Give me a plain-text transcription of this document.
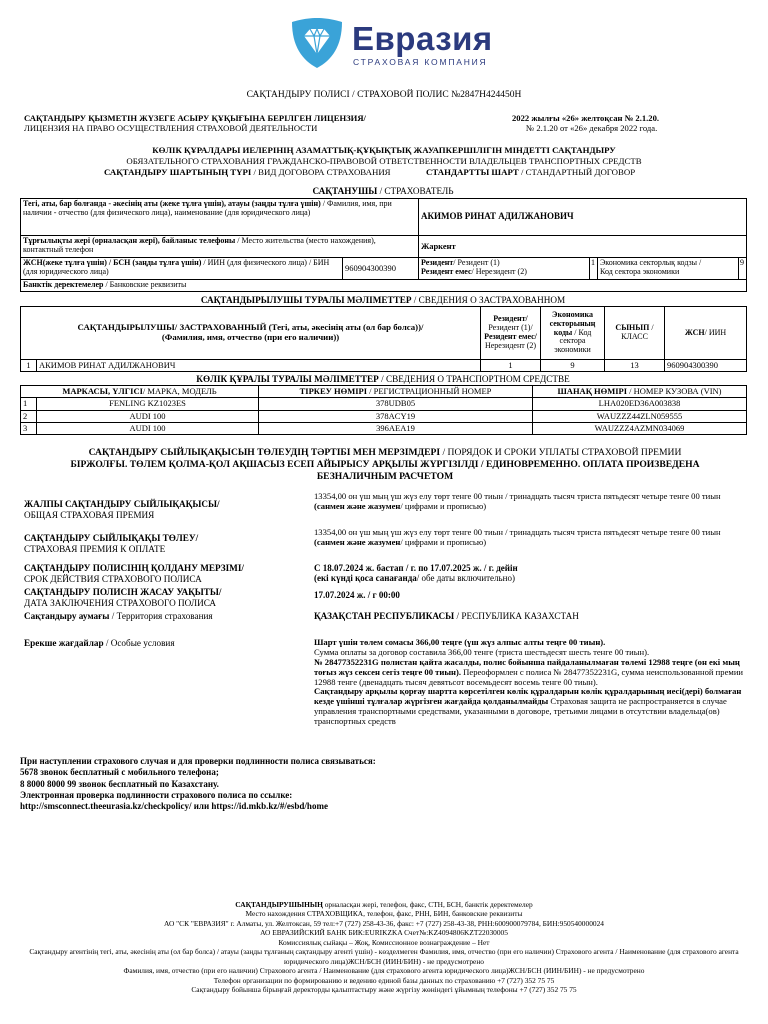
Евразия
СТРАХОВАЯ КОМПАНИЯ
САҚТАНДЫРУ ПОЛИСІ / СТРАХОВОЙ ПОЛИС №2847H424450H
САҚТАНДЫРУ ҚЫЗМЕТІН ЖҮЗЕГЕ АСЫРУ ҚҰҚЫҒЫНА БЕРІЛГЕН ЛИЦЕНЗИЯ/
ЛИЦЕНЗИЯ НА ПРАВО ОСУЩЕСТВЛЕНИЯ СТРАХОВОЙ ДЕЯТЕЛЬНОСТИ
2022 жылғы «26» желтоқсан № 2.1.20.
№ 2.1.20 от «26» декабря 2022 года.
КӨЛІК ҚҰРАЛДАРЫ ИЕЛЕРІНІҢ АЗАМАТТЫҚ-ҚҰҚЫҚТЫҚ ЖАУАПКЕРШІЛІГІН МІНДЕТТІ САҚТАНДЫРУ
ОБЯЗАТЕЛЬНОГО СТРАХОВАНИЯ ГРАЖДАНСКО-ПРАВОВОЙ ОТВЕТСТВЕННОСТИ ВЛАДЕЛЬЦЕВ ТРАНСПОРТНЫХ СРЕДСТВ
САҚТАНДЫРУ ШАРТЫНЫҢ ТҮРІ / ВИД ДОГОВОРА СТРАХОВАНИЯ	СТАНДАРТТЫ ШАРТ / СТАНДАРТНЫЙ ДОГОВОР
САҚТАНУШЫ / СТРАХОВАТЕЛЬ
Тегі, аты, бар болғанда - әкесінің аты (жеке тұлға үшін), атауы (заңды тұлға үшін) / Фамилия, имя, при наличии - отчество (для физического лица), наименование (для юридического лица)		АКИМОВ РИНАТ АДИЛЖАНОВИЧ			
Тұрғылықты жері (орналасқан жері), байланыс телефоны / Место жительства (место нахождения), контактный телефон		Жаркент			
ЖСН(жеке тұлға үшін) / БСН (заңды тұлға үшін) / ИИН (для физического лица) / БИН (для юридического лица)	960904300390	Резидент/ Резидент (1)
Резидент емес/ Нерезидент (2)	1	Экономика секторлық кодзы /
Код сектора экономики	9
Банктік деректемелер / Банковские реквизиты					
САҚТАНДЫРЫЛУШЫ ТУРАЛЫ МӘЛІМЕТТЕР / СВЕДЕНИЯ О ЗАСТРАХОВАННОМ
САҚТАНДЫРЫЛУШЫ/ ЗАСТРАХОВАННЫЙ (Тегі, аты, әкесінің аты (ол бар болса))/ (Фамилия, имя, отчество (при его наличии))		Резидент/
Резидент (1)/
Резидент емес/
Нерезидент (2)	Экономика секторының коды / Код сектора экономики	СЫНЫП / КЛАСС	ЖСН/ ИИН
1	АКИМОВ РИНАТ АДИЛЖАНОВИЧ	1	9	13	960904300390
КӨЛІК ҚҰРАЛЫ ТУРАЛЫ МӘЛІМЕТТЕР / СВЕДЕНИЯ О ТРАНСПОРТНОМ СРЕДСТВЕ
МАРКАСЫ, ҮЛГІСІ/ МАРКА, МОДЕЛЬ		ТІРКЕУ НӨМІРІ / РЕГИСТРАЦИОННЫЙ НОМЕР	ШАНАҚ НӨМІРІ / НОМЕР КУЗОВА (VIN)
1	FENLING KZ1023ES	378UDB05	LHA020ED36A003838
2	AUDI 100	378ACY19	WAUZZZ44ZLN059555
3	AUDI 100	396AEA19	WAUZZZ4AZMN034069
САҚТАНДЫРУ СЫЙЛЫҚАҚЫСЫН ТӨЛЕУДІҢ ТӘРТІБІ МЕН МЕРЗІМДЕРІ / ПОРЯДОК И СРОКИ УПЛАТЫ СТРАХОВОЙ ПРЕМИИ
БІРЖОЛҒЫ. ТӨЛЕМ ҚОЛМА-ҚОЛ АҚШАСЫЗ ЕСЕП АЙЫРЫСУ АРҚЫЛЫ ЖҮРГІЗІЛДІ / ЕДИНОВРЕМЕННО. ОПЛАТА ПРОИЗВЕДЕНА БЕЗНАЛИЧНЫМ РАСЧЕТОМ
ЖАЛПЫ САҚТАНДЫРУ СЫЙЛЫҚАҚЫСЫ/
ОБЩАЯ СТРАХОВАЯ ПРЕМИЯ
13354,00 он үш мың үш жүз елу төрт тенге 00 тиын / тринадцать тысяч триста пятьдесят четыре тенге 00 тиын
(санмен және жазумен/ цифрами и прописью)
САҚТАНДЫРУ СЫЙЛЫҚАҚЫ ТӨЛЕУ/
СТРАХОВАЯ ПРЕМИЯ К ОПЛАТЕ
13354,00 он үш мың үш жүз елу төрт тенге 00 тиын / тринадцать тысяч триста пятьдесят четыре тенге 00 тиын
(санмен және жазумен/ цифрами и прописью)
САҚТАНДЫРУ ПОЛИСІНІҢ ҚОЛДАНУ МЕРЗІМІ/
СРОК ДЕЙСТВИЯ СТРАХОВОГО ПОЛИСА
С 18.07.2024 ж. бастап / г. по 17.07.2025 ж. / г. дейін
(екі күнді қоса санағанда/ обе даты включительно)
САҚТАНДЫРУ ПОЛИСІН ЖАСАУ УАҚЫТЫ/
ДАТА ЗАКЛЮЧЕНИЯ СТРАХОВОГО ПОЛИСА
17.07.2024 ж. / г 00:00
Сақтандыру аумағы / Территория страхования	ҚАЗАҚСТАН РЕСПУБЛИКАСЫ / РЕСПУБЛИКА КАЗАХСТАН
Ерекше жағдайлар / Особые условия	Шарт үшін төлем сомасы 366,00 теңге (үш жүз алпыс алты теңге 00 тиын).
Сумма оплаты за договор составила 366,00 тенге (триста шестьдесят шесть тенге 00 тиын).
№ 28477352231G полистан қайта жасалды, полис бойынша пайдаланылмаған төлемі 12988 теңге (он екі мың тоғыз жүз сексен сегіз теңге 00 тиын). Переоформлен с полиса № 28477352231G, сумма неиспользованной премии 12988 тенге (двенадцать тысяч девятьсот восемьдесят восемь тенге 00 тиын).
Сақтандыру арқылы қорғау шартта көрсетілген көлік құралдарын көлік құралдарының иесі(дері) болмаған кезде үшінші тұлғалар жүргізген жағдайда қолданылмайды Страховая защита не распространяется в случае управления транспортными средствами, указанными в договоре, третьими лицами в отсутствии владельца(ов) транспортных средств
При наступлении страхового случая и для проверки подлинности полиса связываться:
5678 звонок бесплатный с мобильного телефона;
8 8000 8000 99 звонок бесплатный по Казахстану.
Электронная проверка подлинности страхового полиса по ссылке:
http://smsconnect.theeurasia.kz/checkpolicy/ или https://id.mkb.kz/#/esbd/home
САҚТАНДЫРУШЫНЫҢ орналасқан жері, телефон, факс, СТН, БСН, банктік деректемелер
Место нахождения СТРАХОВЩИКА, телефон, факс, РНН, БИН, банковские реквизиты
АО "СК "ЕВРАЗИЯ" г. Алматы, ул. Желтоксан, 59 тел:+7 (727) 258-43-36, факс: +7 (727) 258-43-38, РНН:600900079784, БИН:950540000024
АО ЕВРАЗИЙСКИЙ БАНК БИК:EURIKZKA Счет№:KZ4094806KZT22030005
Комиссиялық сыйақы – Жоқ, Комиссионное вознаграждение – Нет
Сақтандыру агентінің тегі, аты, әкесінің аты (ол бар болса) / атауы (заңды тұлғаның сақтандыру агенті үшін) - көзделмеген Фамилия, имя, отчество (при его наличии) Страхового агента / Наименование (для страхового агента юридического лица)ЖСН/БСН (ИИН/БИН) - не предусмотрено
Фамилия, имя, отчество (при его наличии) Страхового агента / Наименование (для страхового агента юридического лица)ЖСН/БСН (ИИН/БИН) - не предусмотрено
Телефон организации по формированию и ведению единой базы данных по страхованию +7 (727) 352 75 75
Сақтандыру бойынша бірыңғай деректорды қалыптастыру және жүргізу жөніндегі ұйымның телефоны +7 (727) 352 75 75
